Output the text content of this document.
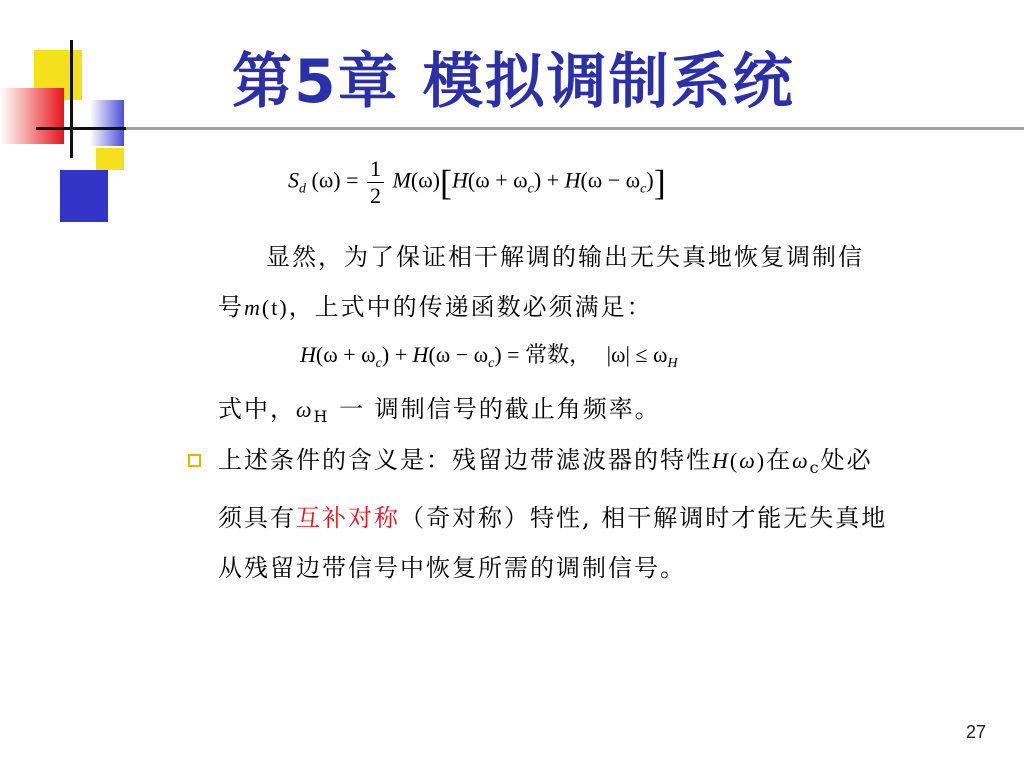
第5章 模拟调制系统
$S_d$ $(\omega) = \frac{1}{2} M(\omega)[H(\omega + \omega_c) + H(\omega - \omega_c)]$
显然，为了保证相干解调的输出无失真地恢复调制信
号m(t)，上式中的传递函数必须满足：
$H(\omega + \omega_c) + H(\omega - \omega_c)$ = 常数， $|\omega| \le \omega_H$
式中，$\omega_H$ 一 调制信号的截止角频率。
上述条件的含义是：残留边带滤波器的特性H(ω)在$\omega_c$处必
须具有互补对称（奇对称）特性, 相干解调时才能无失真地
从残留边带信号中恢复所需的调制信号。
27
